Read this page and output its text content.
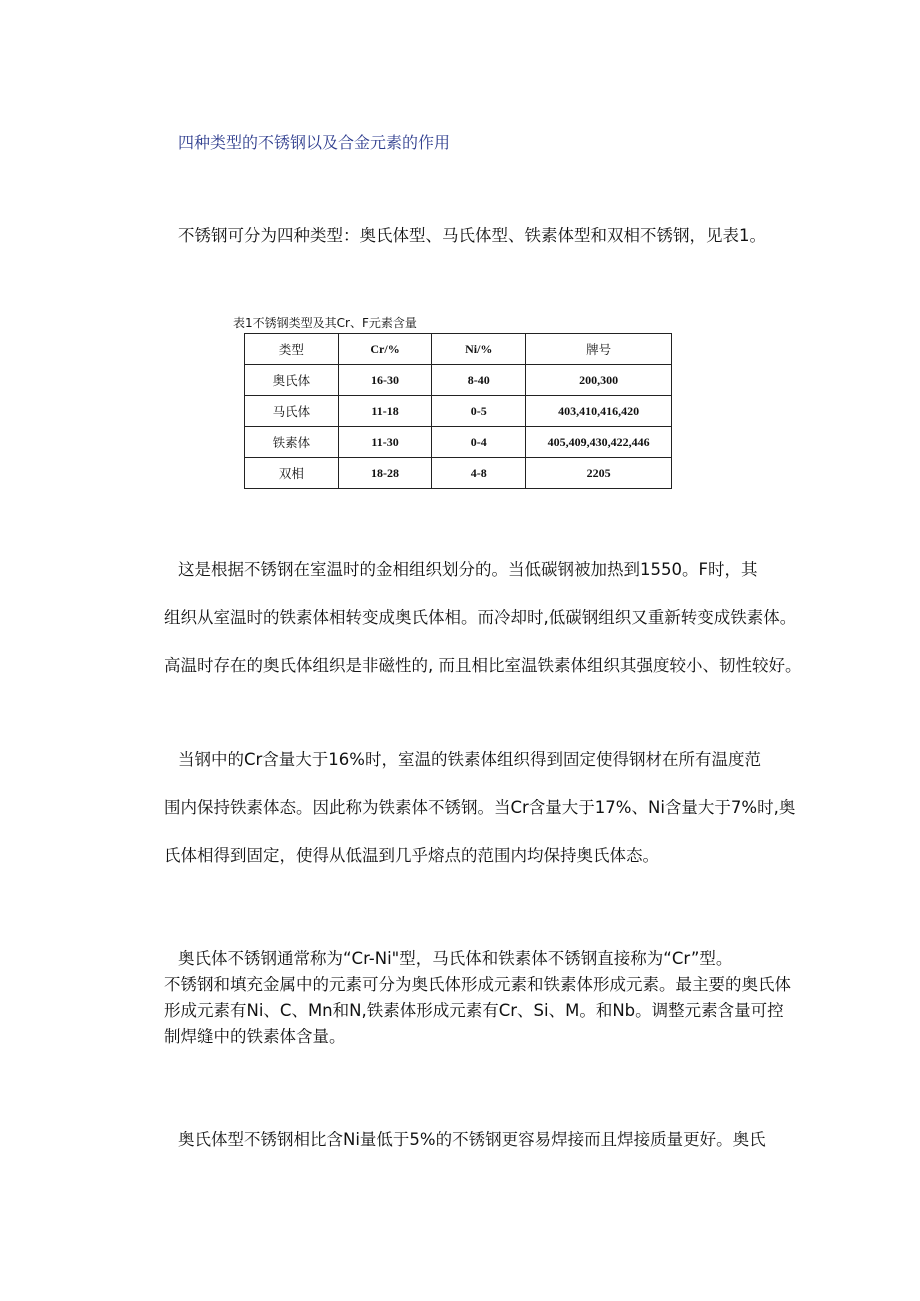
四种类型的不锈钢以及合金元素的作用
不锈钢可分为四种类型：奥氏体型、马氏体型、铁素体型和双相不锈钢，见表1。
表1不锈钢类型及其Cr、F元素含量
类型	Cr/%	Ni/%	牌号
奥氏体	16-30	8-40	200,300
马氏体	11-18	0-5	403,410,416,420
铁素体	11-30	0-4	405,409,430,422,446
双相	18-28	4-8	2205
这是根据不锈钢在室温时的金相组织划分的。当低碳钢被加热到1550。F时，其
组织从室温时的铁素体相转变成奥氏体相。而冷却时,低碳钢组织又重新转变成铁素体。
高温时存在的奥氏体组织是非磁性的, 而且相比室温铁素体组织其强度较小、韧性较好。
当钢中的Cr含量大于16%时，室温的铁素体组织得到固定使得钢材在所有温度范
围内保持铁素体态。因此称为铁素体不锈钢。当Cr含量大于17%、Ni含量大于7%时,奥
氏体相得到固定，使得从低温到几乎熔点的范围内均保持奥氏体态。
奥氏体不锈钢通常称为“Cr-Ni"型，马氏体和铁素体不锈钢直接称为“Cr”型。
不锈钢和填充金属中的元素可分为奥氏体形成元素和铁素体形成元素。最主要的奥氏体
形成元素有Ni、C、Mn和N,铁素体形成元素有Cr、Si、M。和Nb。调整元素含量可控
制焊缝中的铁素体含量。
奥氏体型不锈钢相比含Ni量低于5%的不锈钢更容易焊接而且焊接质量更好。奥氏
